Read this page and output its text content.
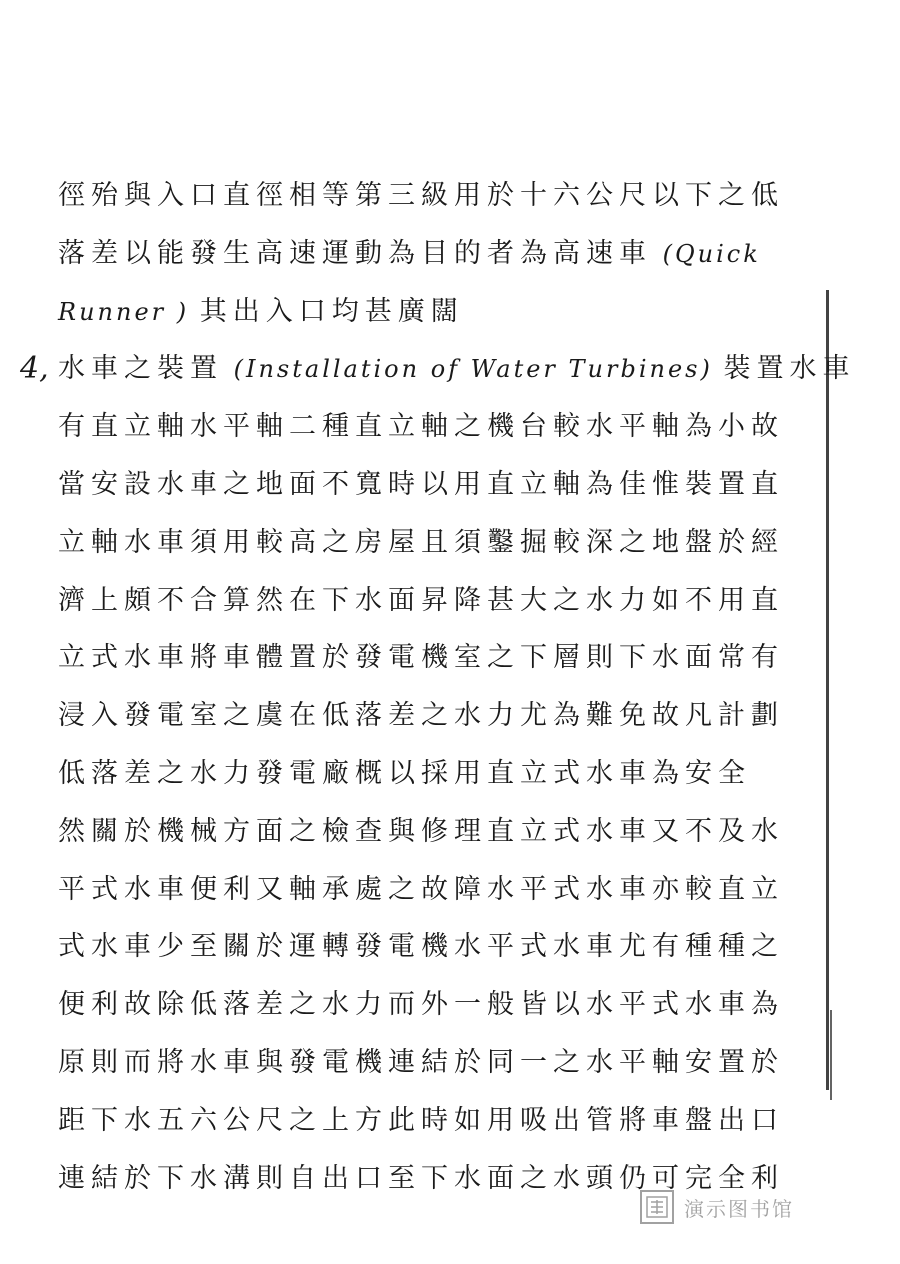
4,
徑殆與入口直徑相等第三級用於十六公尺以下之低
落差以能發生高速運動為目的者為高速車 (Quick
Runner ) 其出入口均甚廣闊
水車之裝置 (Installation of Water Turbines) 裝置水車
有直立軸水平軸二種直立軸之機台較水平軸為小故
當安設水車之地面不寬時以用直立軸為佳惟裝置直
立軸水車須用較高之房屋且須鑿掘較深之地盤於經
濟上頗不合算然在下水面昇降甚大之水力如不用直
立式水車將車體置於發電機室之下層則下水面常有
浸入發電室之虞在低落差之水力尤為難免故凡計劃
低落差之水力發電廠概以採用直立式水車為安全
然關於機械方面之檢查與修理直立式水車又不及水
平式水車便利又軸承處之故障水平式水車亦較直立
式水車少至關於運轉發電機水平式水車尤有種種之
便利故除低落差之水力而外一般皆以水平式水車為
原則而將水車與發電機連結於同一之水平軸安置於
距下水五六公尺之上方此時如用吸出管將車盤出口
連結於下水溝則自出口至下水面之水頭仍可完全利
演示图书馆
